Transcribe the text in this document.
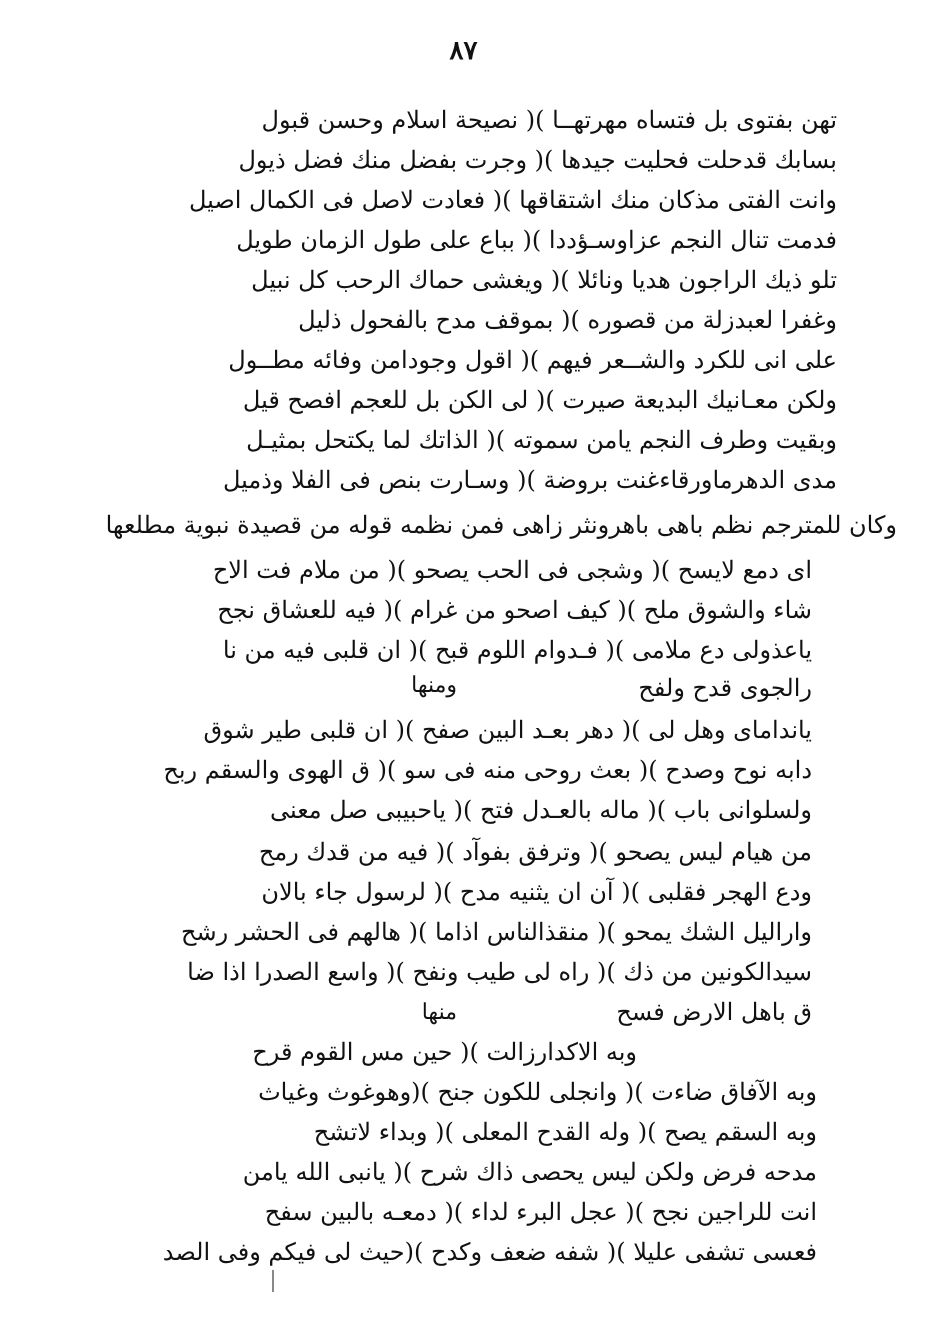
٨٧
تهن بفتوى بل فتساه مهرتهــا )( نصيحة اسلام وحسن قبول
بسابك قدحلت فحليت جيدها )( وجرت بفضل منك فضل ذيول
وانت الفتى مذكان منك اشتقاقها )( فعادت لاصل فى الكمال اصيل
فدمت تنال النجم عزاوسـؤددا )( بباع على طول الزمان طويل
تلو ذيك الراجون هديا ونائلا )( ويغشى حماك الرحب كل نبيل
وغفرا لعبدزلة من قصوره )( بموقف مدح بالفحول ذليل
على انى للكرد والشــعر فيهم )( اقول وجودامن وفائه مطــول
ولكن معـانيك البديعة صيرت )( لى الكن بل للعجم افصح قيل
وبقيت وطرف النجم يامن سموته )( الذاتك لما يكتحل بمثيـل
مدى الدهرماورقاءغنت بروضة )( وسـارت بنص فى الفلا وذميل
وكان للمترجم نظم باهى باهرونثر زاهى فمن نظمه قوله من قصيدة نبوية مطلعها
اى دمع لايسح )( وشجى فى الحب يصحو )( من ملام فت الاح
شاء والشوق ملح )( كيف اصحو من غرام )( فيه للعشاق نجح
ياعذولى دع ملامى )( فـدوام اللوم قبح )( ان قلبى فيه من نا
رالجوى قدح ولفح
ومنها
يانداماى وهل لى )( دهر بعـد البين صفح )( ان قلبى طير شوق
دابه نوح وصدح )( بعث روحى منه فى سو )( ق الهوى والسقم ربح
ولسلوانى باب )( ماله بالعـدل فتح )( ياحبيبى صل معنى
من هيام ليس يصحو )( وترفق بفوآد )( فيه من قدك رمح
ودع الهجر فقلبى )( آن ان يثنيه مدح )( لرسول جاء بالان
واراليل الشك يمحو )( منقذالناس اذاما )( هالهم فى الحشر رشح
سيدالكونين من ذك )( راه لى طيب ونفح )( واسع الصدرا اذا ضا
ق باهل الارض فسح
منها
وبه الاكدارزالت )( حين مس القوم قرح
وبه الآفاق ضاءت )( وانجلى للكون جنح )(وهوغوث وغياث
وبه السقم يصح )( وله القدح المعلى )( وبداء لاتشح
مدحه فرض ولكن ليس يحصى ذاك شرح )( يانبى الله يامن
انت للراجين نجح )( عجل البرء لداء )( دمعـه بالبين سفح
فعسى تشفى عليلا )( شفه ضعف وكدح )(حيث لى فيكم وفى الصد
